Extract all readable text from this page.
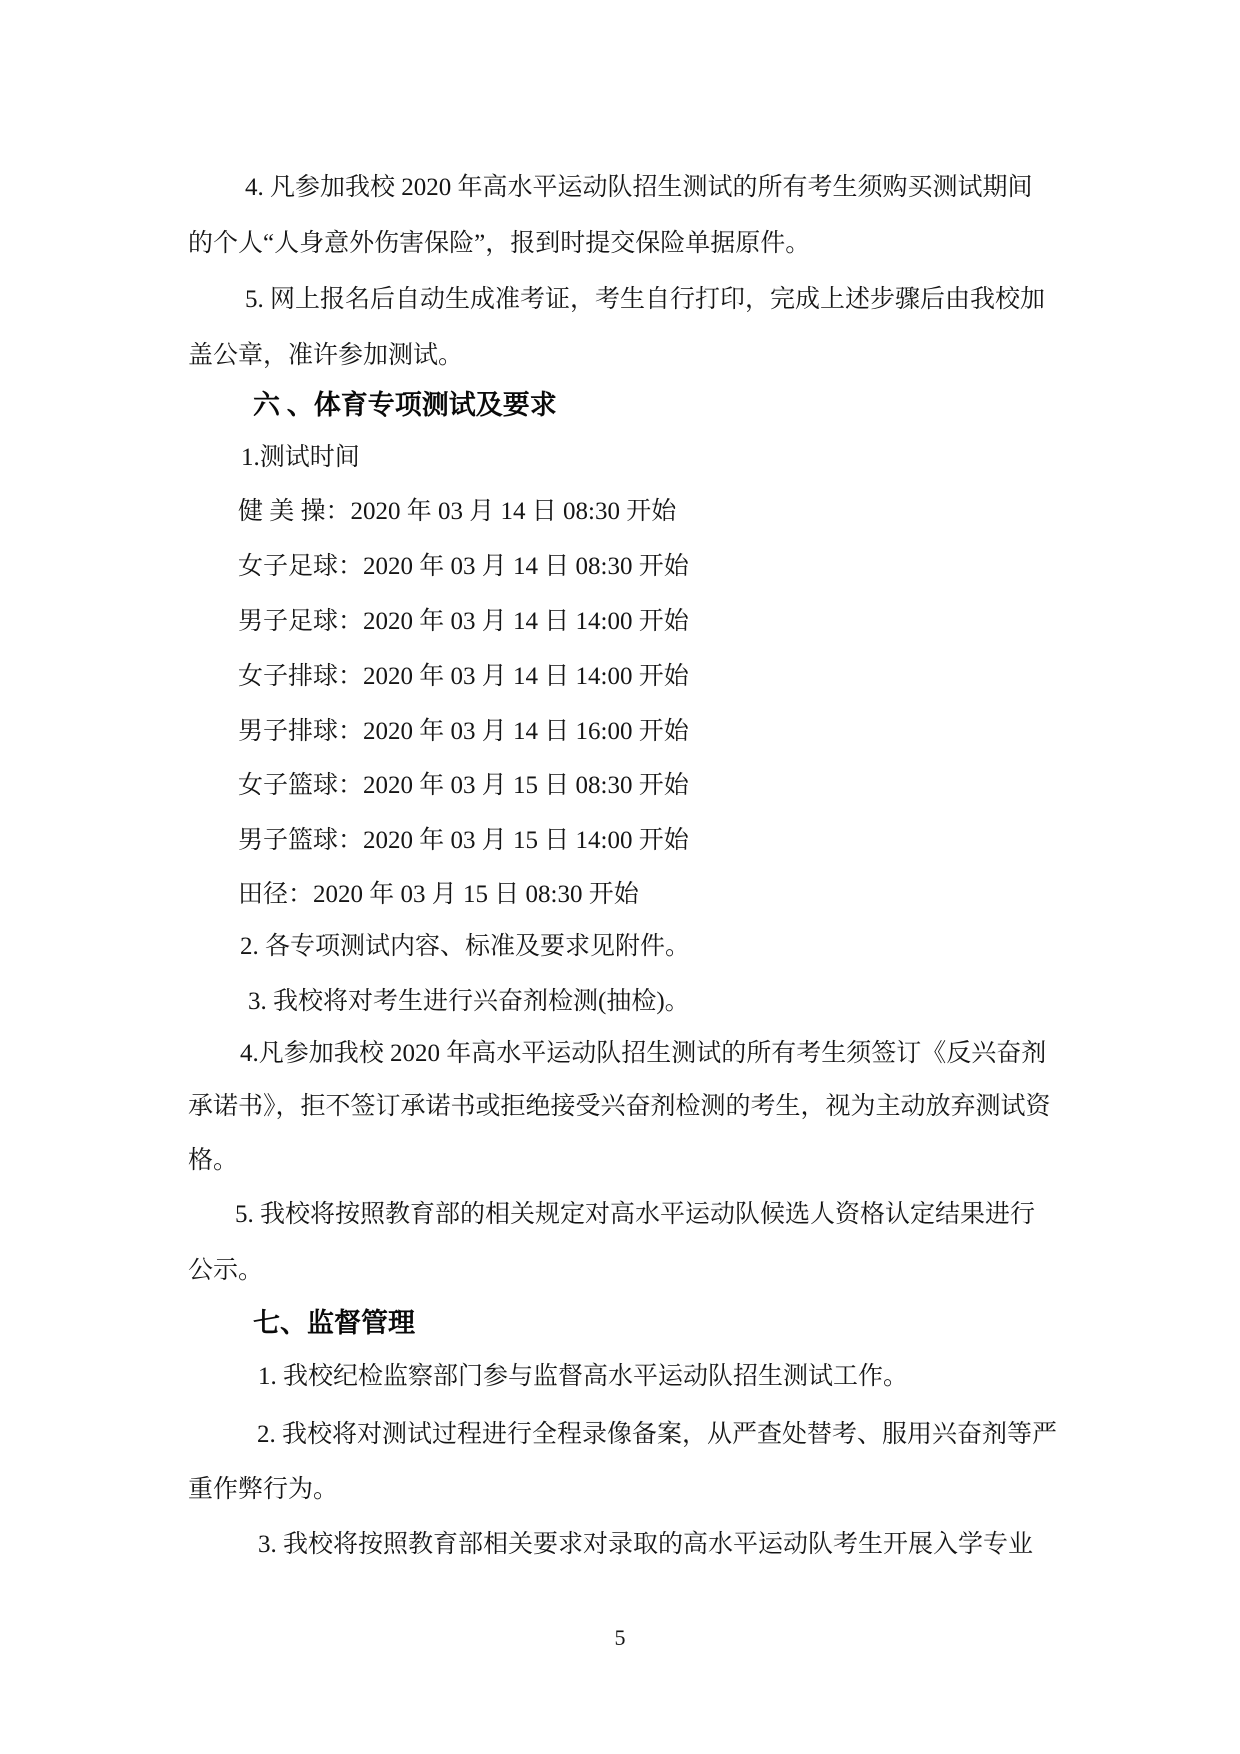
4. 凡参加我校 2020 年高水平运动队招生测试的所有考生须购买测试期间
的个人“人身意外伤害保险”，报到时提交保险单据原件。
5. 网上报名后自动生成准考证，考生自行打印，完成上述步骤后由我校加
盖公章，准许参加测试。
六 、体育专项测试及要求
1.测试时间
健 美 操：2020 年 03 月 14 日 08:30 开始
女子足球：2020 年 03 月 14 日 08:30 开始
男子足球：2020 年 03 月 14 日 14:00 开始
女子排球：2020 年 03 月 14 日 14:00 开始
男子排球：2020 年 03 月 14 日 16:00 开始
女子篮球：2020 年 03 月 15 日 08:30 开始
男子篮球：2020 年 03 月 15 日 14:00 开始
田径：2020 年 03 月 15 日 08:30 开始
2. 各专项测试内容、标准及要求见附件。
3. 我校将对考生进行兴奋剂检测(抽检)。
4.凡参加我校 2020 年高水平运动队招生测试的所有考生须签订《反兴奋剂
承诺书》，拒不签订承诺书或拒绝接受兴奋剂检测的考生，视为主动放弃测试资
格。
5. 我校将按照教育部的相关规定对高水平运动队候选人资格认定结果进行
公示。
七、监督管理
1. 我校纪检监察部门参与监督高水平运动队招生测试工作。
2. 我校将对测试过程进行全程录像备案，从严查处替考、服用兴奋剂等严
重作弊行为。
3. 我校将按照教育部相关要求对录取的高水平运动队考生开展入学专业
5
